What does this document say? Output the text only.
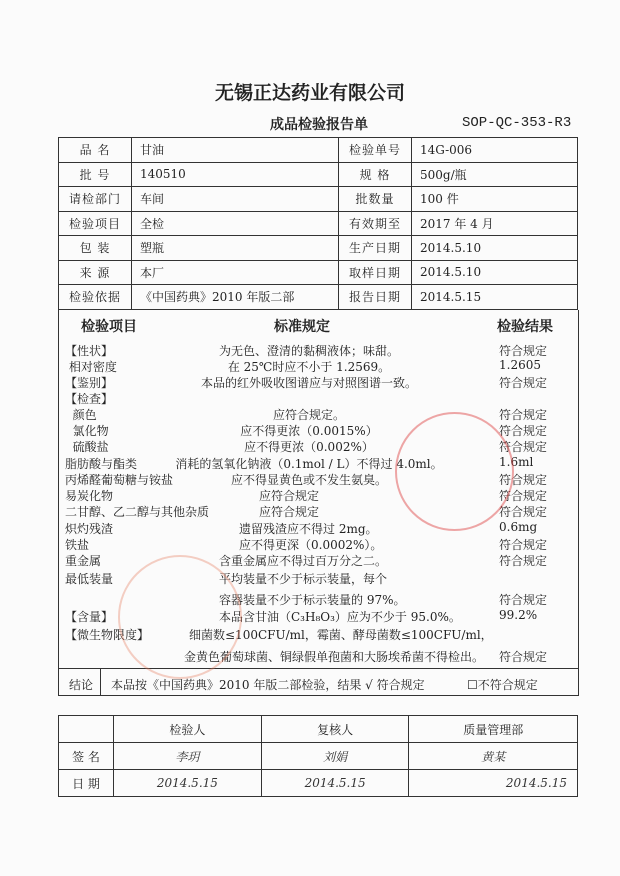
无锡正达药业有限公司
成品检验报告单	SOP-QC-353-R3
品 名	甘油	检验单号	14G-006
批 号	140510	规 格	500g/瓶
请检部门	车间	批数量	100 件
检验项目	全检	有效期至	2017 年 4 月
包 装	塑瓶	生产日期	2014.5.10
来 源	本厂	取样日期	2014.5.10
检验依据	《中国药典》2010 年版二部	报告日期	2014.5.15
检验项目	标准规定	检验结果
【性状】	为无色、澄清的黏稠液体；味甜。	符合规定
相对密度	在 25℃时应不小于 1.2569。	1.2605
【鉴别】	本品的红外吸收图谱应与对照图谱一致。	符合规定
【检查】
颜色	应符合规定。	符合规定
氯化物	应不得更浓（0.0015%）	符合规定
硫酸盐	应不得更浓（0.002%）	符合规定
脂肪酸与酯类	消耗的氢氧化钠液（0.1mol / L）不得过 4.0ml。	1.6ml
丙烯醛葡萄糖与铵盐	应不得显黄色或不发生氨臭。	符合规定
易炭化物	应符合规定	符合规定
二甘醇、乙二醇与其他杂质	应符合规定	符合规定
炽灼残渣	遗留残渣应不得过 2mg。	0.6mg
铁盐	应不得更深（0.0002%）。	符合规定
重金属	含重金属应不得过百万分之二。	符合规定
最低装量	平均装量不少于标示装量，每个
容器装量不少于标示装量的 97%。	符合规定
【含量】	本品含甘油（C₃H₈O₃）应为不少于 95.0%。	99.2%
【微生物限度】	细菌数≤100CFU/ml，霉菌、酵母菌数≤100CFU/ml，
金黄色葡萄球菌、铜绿假单孢菌和大肠埃希菌不得检出。 符合规定
结论 本品按《中国药典》2010 年版二部检验，结果 √ 符合规定	☐不符合规定
	检验人	复核人	质量管理部
签 名	李玥	刘娟	黄某
日 期	2014.5.15	2014.5.15	2014.5.15
